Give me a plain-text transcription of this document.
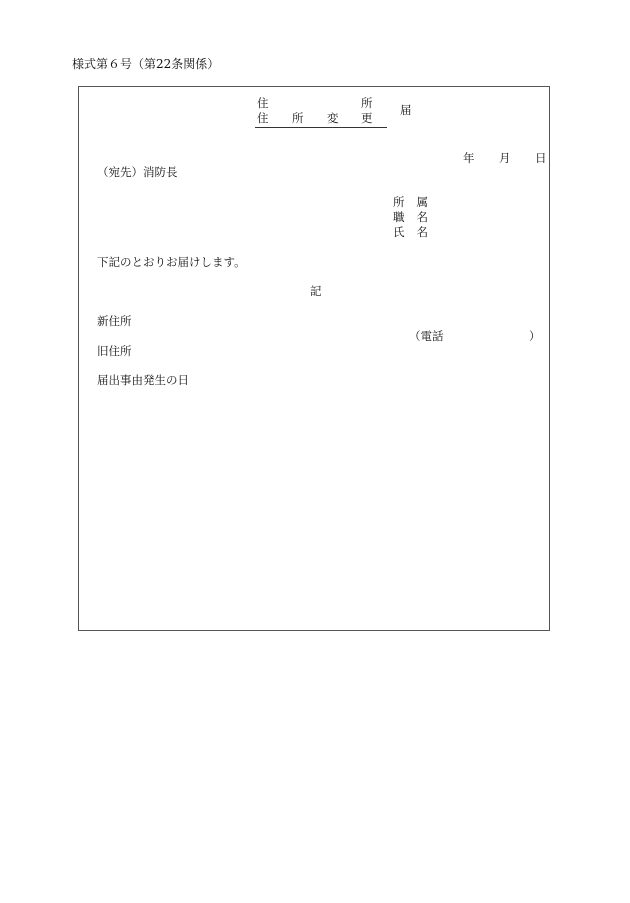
様式第６号（第22条関係）
住	所
住 所 変 更
届
年 月 日
（宛先）消防長
所 属
職 名
氏 名
下記のとおりお届けします。
記
新住所
（電話	）
旧住所
届出事由発生の日
